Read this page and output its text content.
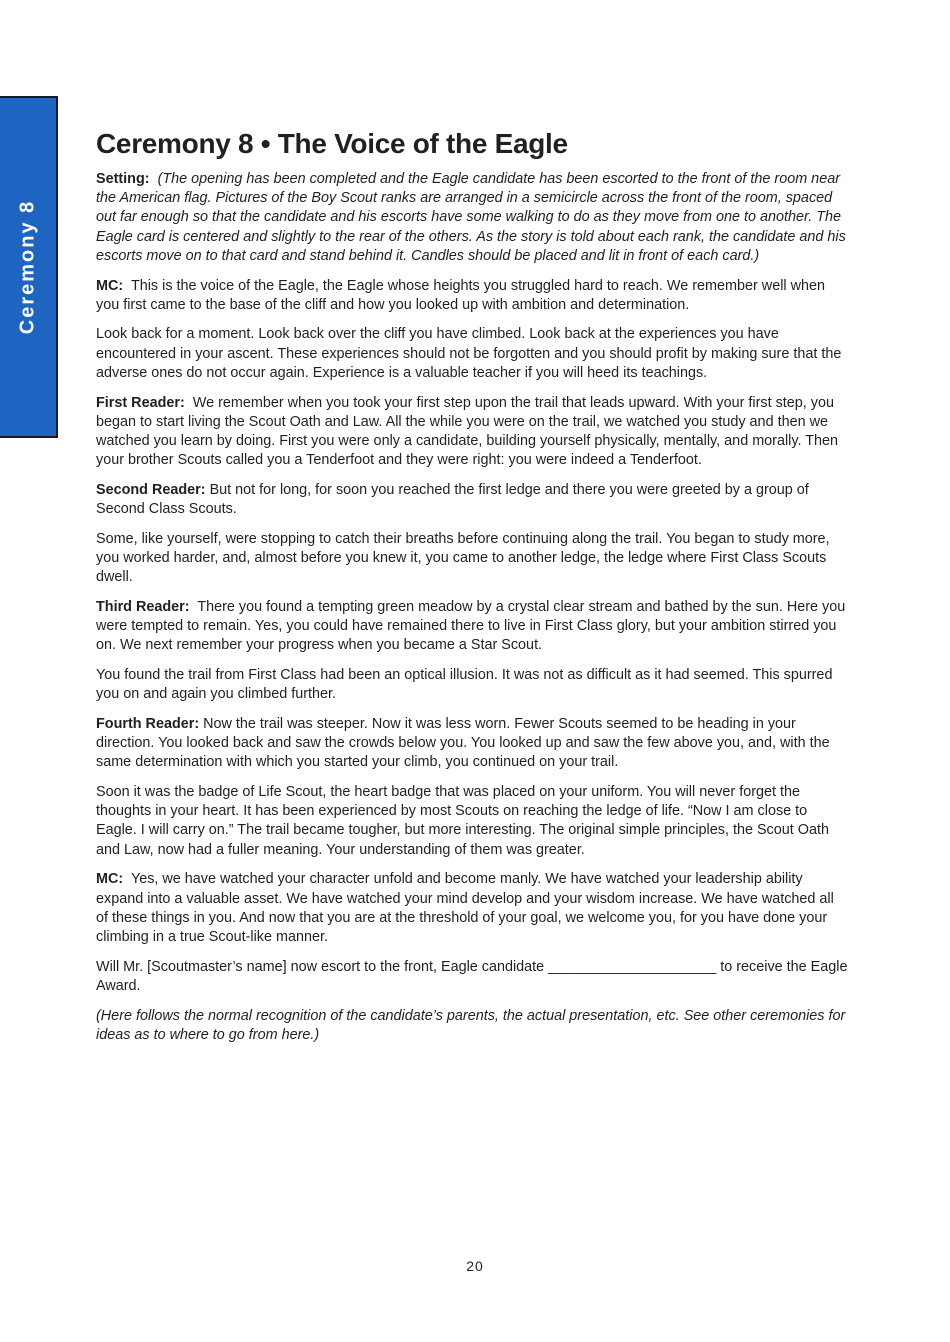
Ceremony 8
Ceremony 8 • The Voice of the Eagle

Setting: (The opening has been completed and the Eagle candidate has been escorted to the front of the room near the American flag. Pictures of the Boy Scout ranks are arranged in a semicircle across the front of the room, spaced out far enough so that the candidate and his escorts have some walking to do as they move from one to another. The Eagle card is centered and slightly to the rear of the others. As the story is told about each rank, the candidate and his escorts move on to that card and stand behind it. Candles should be placed and lit in front of each card.)

MC: This is the voice of the Eagle, the Eagle whose heights you struggled hard to reach. We remember well when you first came to the base of the cliff and how you looked up with ambition and determination.

Look back for a moment. Look back over the cliff you have climbed. Look back at the experiences you have encountered in your ascent. These experiences should not be forgotten and you should profit by making sure that the adverse ones do not occur again. Experience is a valuable teacher if you will heed its teachings.

First Reader: We remember when you took your first step upon the trail that leads upward. With your first step, you began to start living the Scout Oath and Law. All the while you were on the trail, we watched you study and then we watched you learn by doing. First you were only a candidate, building yourself physically, mentally, and morally. Then your brother Scouts called you a Tenderfoot and they were right: you were indeed a Tenderfoot.

Second Reader: But not for long, for soon you reached the first ledge and there you were greeted by a group of Second Class Scouts.

Some, like yourself, were stopping to catch their breaths before continuing along the trail. You began to study more, you worked harder, and, almost before you knew it, you came to another ledge, the ledge where First Class Scouts dwell.

Third Reader: There you found a tempting green meadow by a crystal clear stream and bathed by the sun. Here you were tempted to remain. Yes, you could have remained there to live in First Class glory, but your ambition stirred you on. We next remember your progress when you became a Star Scout.

You found the trail from First Class had been an optical illusion. It was not as difficult as it had seemed. This spurred you on and again you climbed further.

Fourth Reader: Now the trail was steeper. Now it was less worn. Fewer Scouts seemed to be heading in your direction. You looked back and saw the crowds below you. You looked up and saw the few above you, and, with the same determination with which you started your climb, you continued on your trail.

Soon it was the badge of Life Scout, the heart badge that was placed on your uniform. You will never forget the thoughts in your heart. It has been experienced by most Scouts on reaching the ledge of life. “Now I am close to Eagle. I will carry on.” The trail became tougher, but more interesting. The original simple principles, the Scout Oath and Law, now had a fuller meaning. Your understanding of them was greater.

MC: Yes, we have watched your character unfold and become manly. We have watched your leadership ability expand into a valuable asset. We have watched your mind develop and your wisdom increase. We have watched all of these things in you. And now that you are at the threshold of your goal, we welcome you, for you have done your climbing in a true Scout-like manner.

Will Mr. [Scoutmaster’s name] now escort to the front, Eagle candidate _____________________ to receive the Eagle Award.

(Here follows the normal recognition of the candidate’s parents, the actual presentation, etc. See other ceremonies for ideas as to where to go from here.)

20
